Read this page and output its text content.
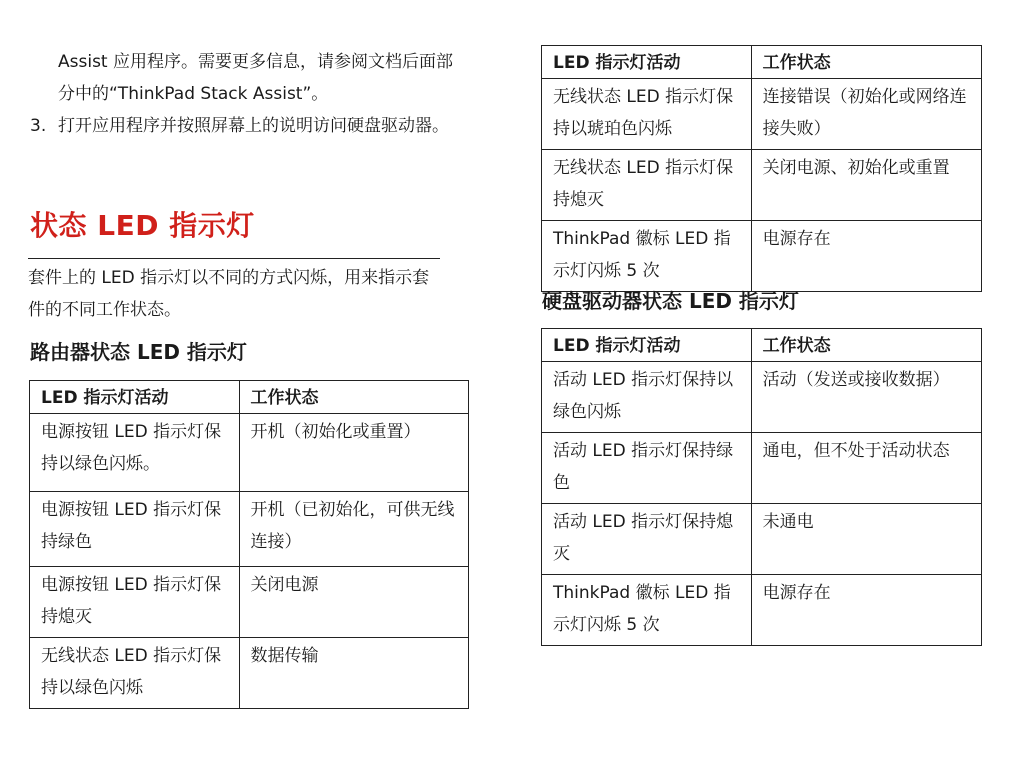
Assist 应用程序。需要更多信息，请参阅文档后面部分中的“ThinkPad Stack Assist”。

3. 打开应用程序并按照屏幕上的说明访问硬盘驱动器。

状态 LED 指示灯

套件上的 LED 指示灯以不同的方式闪烁，用来指示套件的不同工作状态。

路由器状态 LED 指示灯
LED 指示灯活动	工作状态
电源按钮 LED 指示灯保持以绿色闪烁。	开机（初始化或重置）
电源按钮 LED 指示灯保持绿色	开机（已初始化，可供无线连接）
电源按钮 LED 指示灯保持熄灭	关闭电源
无线状态 LED 指示灯保持以绿色闪烁	数据传输
LED 指示灯活动	工作状态
无线状态 LED 指示灯保持以琥珀色闪烁	连接错误（初始化或网络连接失败）
无线状态 LED 指示灯保持熄灭	关闭电源、初始化或重置
ThinkPad 徽标 LED 指示灯闪烁 5 次	电源存在
硬盘驱动器状态 LED 指示灯
LED 指示灯活动	工作状态
活动 LED 指示灯保持以绿色闪烁	活动（发送或接收数据）
活动 LED 指示灯保持绿色	通电，但不处于活动状态
活动 LED 指示灯保持熄灭	未通电
ThinkPad 徽标 LED 指示灯闪烁 5 次	电源存在
